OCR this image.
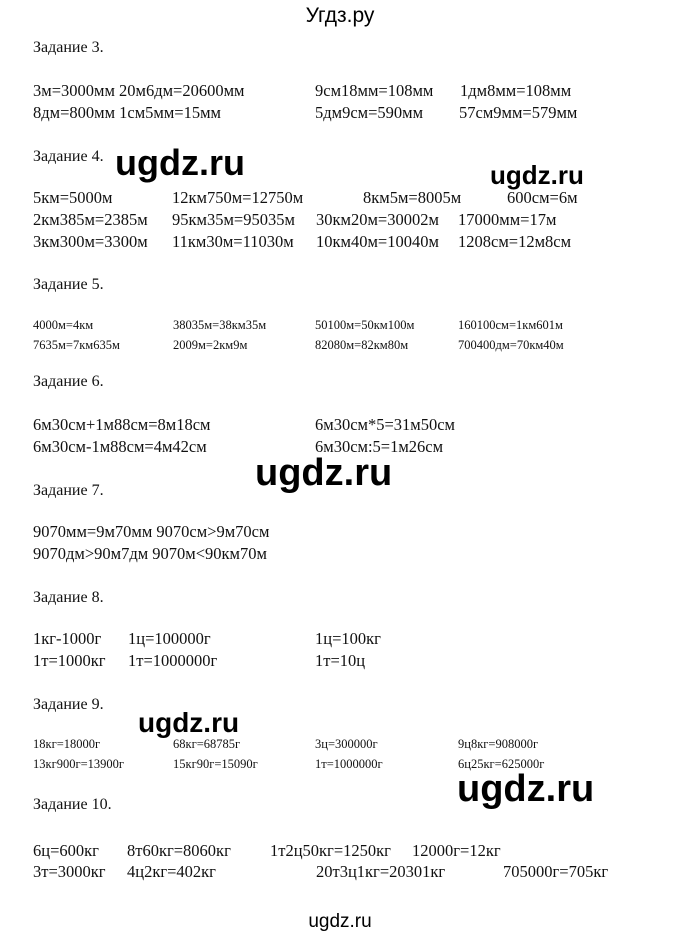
Угдз.ру
Задание 3.
3м=3000мм 20м6дм=20600мм	9см18мм=108мм 1дм8мм=108мм
8дм=800мм 1см5мм=15мм	5дм9см=590мм 57см9мм=579мм
Задание 4.
5км=5000м	12км750м=12750м	8км5м=8005м	600см=6м
2км385м=2385м 95км35м=95035м 30км20м=30002м 17000мм=17м
3км300м=3300м 11км30м=11030м 10км40м=10040м 1208см=12м8см
Задание 5.
4000м=4км	38035м=38км35м	50100м=50км100м	160100см=1км601м
7635м=7км635м	2009м=2км9м	82080м=82км80м	700400дм=70км40м
Задание 6.
6м30см+1м88см=8м18см	6м30см*5=31м50см
6м30см-1м88см=4м42см	6м30см:5=1м26см
Задание 7.
9070мм=9м70мм 9070см>9м70см
9070дм>90м7дм 9070м<90км70м
Задание 8.
1кг-1000г 1ц=100000г	1ц=100кг
1т=1000кг 1т=1000000г	1т=10ц
Задание 9.
18кг=18000г	68кг=68785г	3ц=300000г	9ц8кг=908000г
13кг900г=13900г	15кг90г=15090г	1т=1000000г	6ц25кг=625000г
Задание 10.
6ц=600кг 8т60кг=8060кг 1т2ц50кг=1250кг 12000г=12кг
3т=3000кг 4ц2кг=402кг	20т3ц1кг=20301кг	705000г=705кг
ugdz.ru	ugdz.ru
ugdz.ru
ugdz.ru
ugdz.ru
ugdz.ru
